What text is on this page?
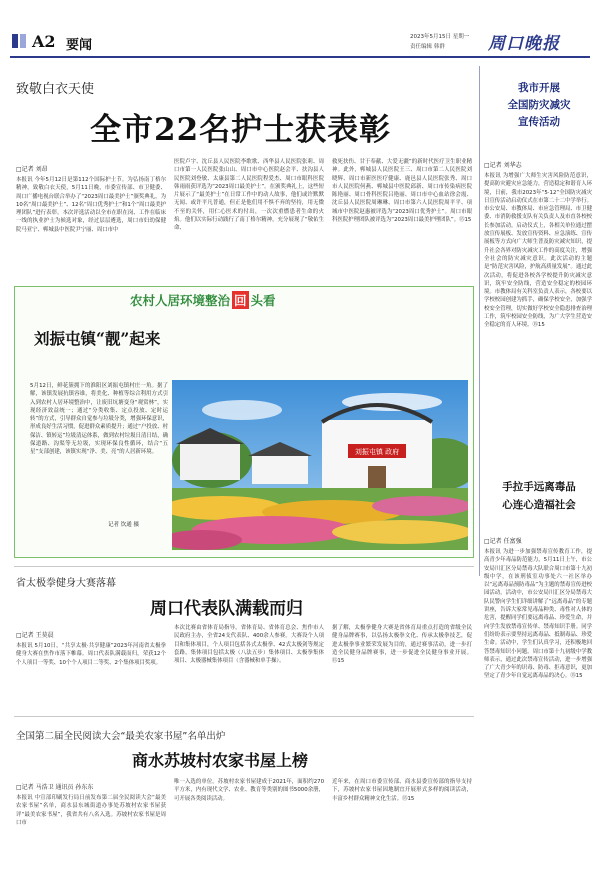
A2 要闻
2023年5月15日 星期一
责任编辑 韩群	周口晚报
致敬白衣天使
全市22名护士获表彰
□记者 刘昂
本报讯 今年5月12日是第112个国际护士节。为弘扬南丁格尔精神，致敬白衣天使，5月11日晚，市委宣传部、市卫健委、周口广播电视台联合举办了“2023周口最美护士”颁奖典礼，为10名“周口最美护士”、12名“周口优秀护士”和1个“周口最美护理团队”进行表彰。本次评选活动以全市在职在岗、工作在临床一线的执业护士为候选对象，经过层层遴选，周口市妇幼保健院马亚宁、郸城县中医院尹宁丽、周口市中
医院卢宇、沈丘县人民医院李歌歌、西华县人民医院张莉、周口市第一人民医院张山山、周口市中心医院赵会平、扶沟县人民医院刘登敏、太康县第二人民医院程爱杰、周口市眼科医院韩雨雨获评选为“2023周口最美护士”。在颁奖典礼上，这些短片展示了“最美护士”在日常工作中的动人故事，他们或许默默无闻、或许平凡普通，但正是他们用不惧不弃的坚持，用无微不至的关怀，用仁心医术的付出，一次次重燃患者生命的火焰。他们以实际行动践行了南丁格尔精神，充分展现了“敬佑生命、
救死扶伤、甘于奉献、大爱无疆”的新时代医疗卫生职业精神。此外，郸城县人民医院王三、周口市第二人民医院刘晓辉、周口市新医医疗健康、鹿邑县人民医院张秀、周口市人民医院何燕、郸城县中医院邱新、周口市传染病医院陈艳丽、周口骨科医院吕艳丽、周口市中心血站徐会霞、沈丘县人民医院周琳琳、周口市第六人民医院周平平、项城市中医院赵惠被评选为“2023周口优秀护士”。周口市眼科医院护理团队被评选为“2023周口最美护理团队”。⑮15
我市开展
全国防灾减灾
宣传活动
□记者 刘华志
本报讯 为增强广大师生灾害风险防范意识，提高防灾避灾应急能力，营造稳定和谐育人环境，日前，我市2023年“5·12”全国防灾减灾日宣传活动启动仪式在市第二十二中学举行。市公安局、市教体局、市应急管理局、市卫健委、市消防救援支队有关负责人及市直各校校长参加活动。启动仪式上，各相关单位通过摆放宣传展板、发放宣传资料、应急演练、宣传展板等方式向广大师生普及防灾减灾知识，提升社会各界对防灾减灾工作的高度关注，增强全社会的防灾减灾意识。此次活动的主题是“防范灾害风险，护航高质量发展”。通过此次活动，将促进各校各学校提升防灾减灾意识，筑牢安全防线，营造安全稳定的校园环境。市教体局有关科室负责人表示，各校要以学校校园创建为抓手，确保学校安全，加强学校安全管理，切实做好学校安全隐患排查治理工作，筑牢校园安全防线，为广大学生营造安全稳定的育人环境。⑮15
手拉手远离毒品
心连心造福社会
□记者 任富强
本报讯 为进一步加强禁毒宣传教育工作，提高青少年毒品防范能力，5月11日上午，市公安局川汇区分局禁毒大队联合周口市第十九初级中学，在该刑侦室功事处六一社区举办以“远离毒品预防毒品”为主题的禁毒宣传进校园活动。活动中，市公安局川汇区分局禁毒大队民警向学生们详细讲解了“远离毒品”的专题讲座，告诉大家常见毒品种类、毒性对人体的危害，提醒同学们要远离毒品、珍爱生命，并向学生发放禁毒宣传单、禁毒知识手册。同学们纷纷表示要坚持远离毒品、抵制毒品、珍爱生命。活动中，学生们认真学习，还积极地回答禁毒知识小问题。周口市第十九初级中学教师表示，通过此次禁毒宣传活动，进一步增强了广大青少年的识毒、防毒、拒毒意识，更加坚定了青少年自觉远离毒品的决心。⑮15
农村人居环境整治 回 头看
刘振屯镇“靓”起来
5月12日，鲜花簇拥下的淮阳区刘振屯镇村庄一角。据了解，该镇发展抗镇容谁，将美化、种植等综合利用方式引入到农村人居环境整治中，让废旧坑塘变身“观赏林”，实现经济效益统一；通过“分类收集、定点投放、定时运转”的方式，引导群众自觉参与垃圾分类，增强环保意识，形成良好生活习惯，促进群众素质提升；通过“户投放、村保洁、镇转运”垃圾清运体系，做到农村垃圾日清日结，确保道路、沟渠等无垃圾，实现环保良性循环，结合“五星”支部创建，该镇实现“净、美、亮”的人居新环境。
记者 饮通 摄
刘振屯镇 政府
省太极拳健身大赛落幕
周口代表队满载而归
□记者 王莫晨
本报讯 5月10日，“共享太极·共享健康”2023年河南省太极拳健身大赛在焦作市落下帷幕。周口代表队满载而归，荣获12个个人项目一等奖、10个个人项目二等奖、2个集体项目奖项。
本次比赛由省体育局指导，省体育局、省体育总会、焦作市人民政府主办，全省24支代表队、400余人参赛。大赛设个人项目和集体项目，个人项目包括各式太极拳、42式太极剑等规定套路，集体项目包括太极（八法五步）集体项目、太极拳集体项目、太极器械集体项目（含器械和单手操）。
据了解，太极拳健身大赛是省体育局重点打造的省级全民健身品牌赛事，以弘扬太极拳文化、传承太极拳技艺，促进太极拳事业繁荣发展为目的，通过赛事活动，进一步打造全民健身品牌赛事，进一步促进全民健身事业开展。⑮15
全国第二届全民阅读大会“最美农家书屋”名单出炉
商水苏坡村农家书屋上榜
□记者 马浩卫 通讯员 孙东东
本报讯 中宣部印刷发行局日前发布第二届全民阅读大会“最美农家书屋”名单，商水县东城街道办事处苏坡村农家书屋获评“最美农家书屋”，我省共有八名入选。苏坡村农家书屋是周口市
唯一入选的单位。苏坡村农家书屋建成于2021年，面积约270平方米，内有现代文学、农业、教育等类别的图书5000余册，可开展各类阅读活动。
近年来，在周口市委宣传部、商水县委宣传部的指导支持下，苏坡村农家书屋因地制宜开展形式多样的阅读活动，丰富乡村群众精神文化生活。⑮15
